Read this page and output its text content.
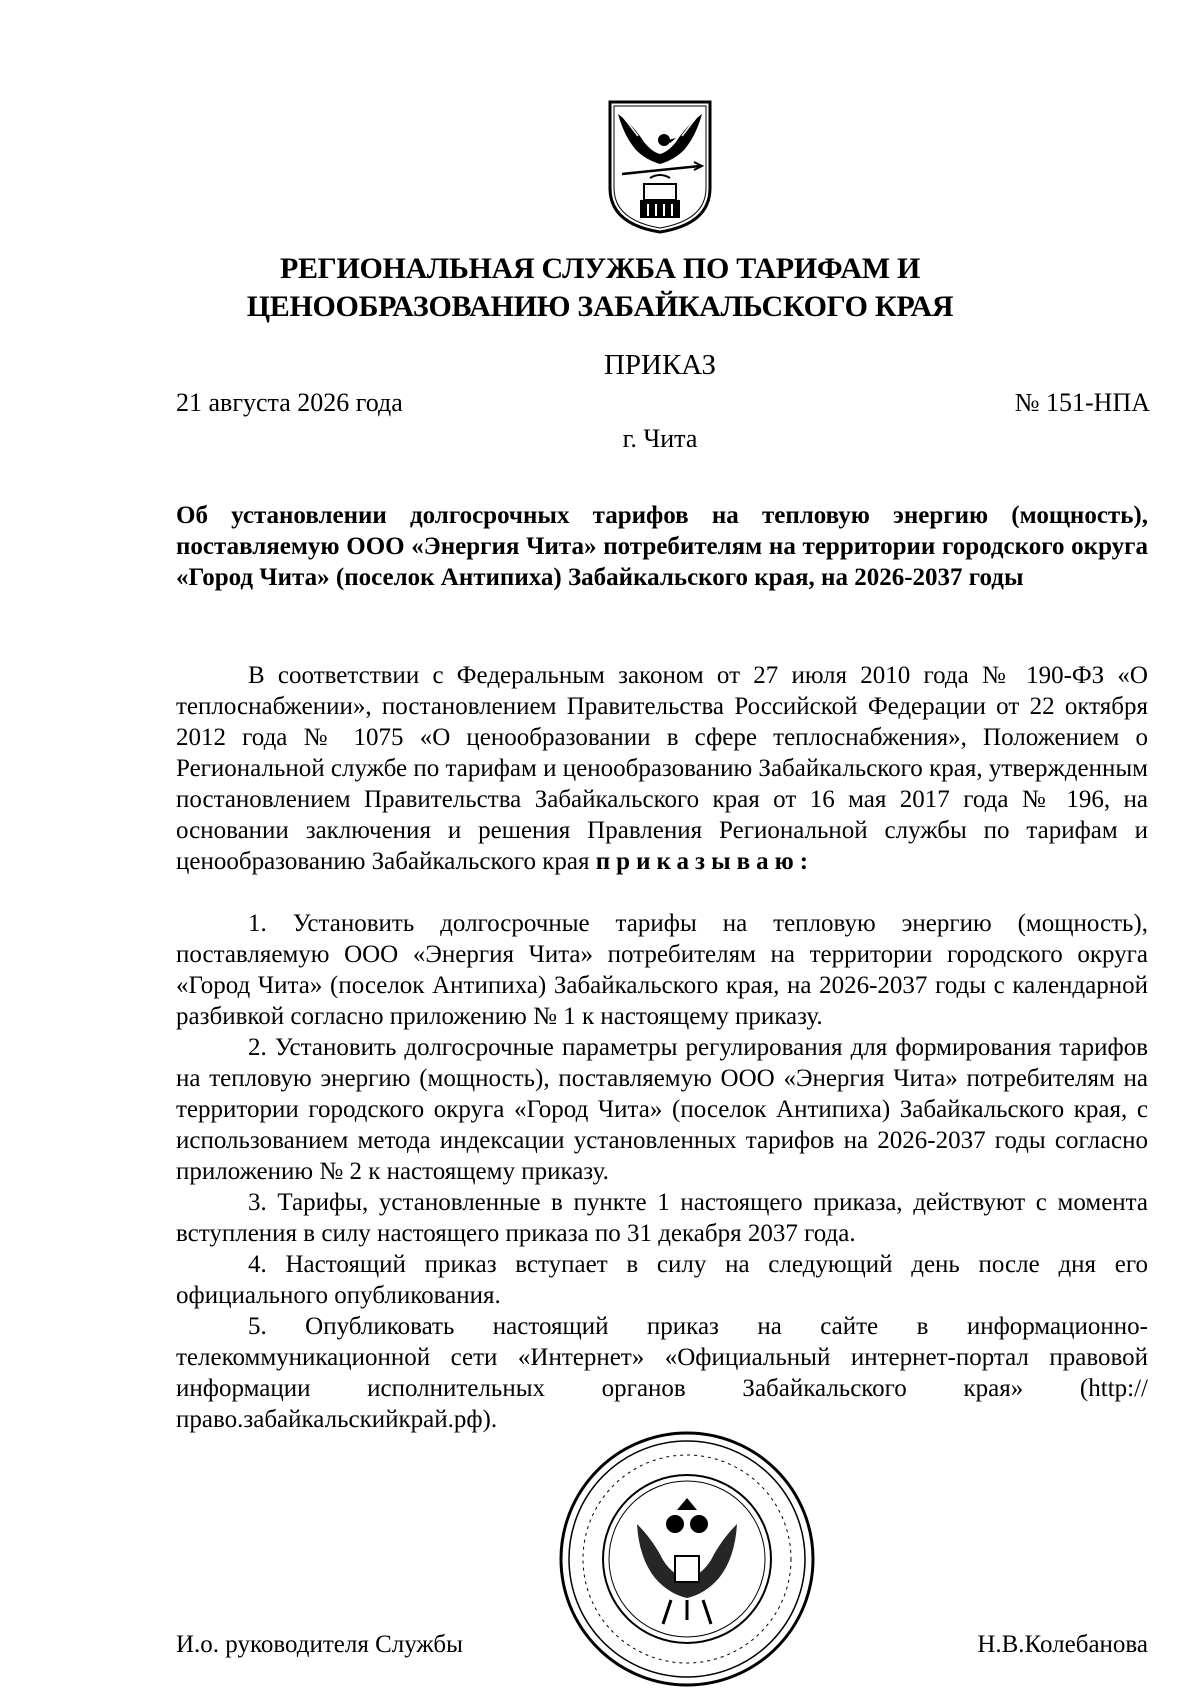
РЕГИОНАЛЬНАЯ СЛУЖБА ПО ТАРИФАМ И
ЦЕНООБРАЗОВАНИЮ ЗАБАЙКАЛЬСКОГО КРАЯ
ПРИКАЗ
21 августа 2026 года	№ 151-НПА
г. Чита
Об установлении долгосрочных тарифов на тепловую энергию (мощность), поставляемую ООО «Энергия Чита» потребителям на территории городского округа «Город Чита» (поселок Антипиха) Забайкальского края, на 2026-2037 годы

В соответствии с Федеральным законом от 27 июля 2010 года № 190-ФЗ «О теплоснабжении», постановлением Правительства Российской Федерации от 22 октября 2012 года № 1075 «О ценообразовании в сфере теплоснабжения», Положением о Региональной службе по тарифам и ценообразованию Забайкальского края, утвержденным постановлением Правительства Забайкальского края от 16 мая 2017 года № 196, на основании заключения и решения Правления Региональной службы по тарифам и ценообразованию Забайкальского края приказываю:

1. Установить долгосрочные тарифы на тепловую энергию (мощность), поставляемую ООО «Энергия Чита» потребителям на территории городского округа «Город Чита» (поселок Антипиха) Забайкальского края, на 2026-2037 годы с календарной разбивкой согласно приложению № 1 к настоящему приказу.

2. Установить долгосрочные параметры регулирования для формирования тарифов на тепловую энергию (мощность), поставляемую ООО «Энергия Чита» потребителям на территории городского округа «Город Чита» (поселок Антипиха) Забайкальского края, с использованием метода индексации установленных тарифов на 2026-2037 годы согласно приложению № 2 к настоящему приказу.

3. Тарифы, установленные в пункте 1 настоящего приказа, действуют с момента вступления в силу настоящего приказа по 31 декабря 2037 года.

4. Настоящий приказ вступает в силу на следующий день после дня его официального опубликования.

5. Опубликовать настоящий приказ на сайте в информационно-телекоммуникационной сети «Интернет» «Официальный интернет-портал правовой информации исполнительных органов Забайкальского края» (http://право.забайкальскийкрай.рф).

И.о. руководителя Службы	Н.В.Колебанова
